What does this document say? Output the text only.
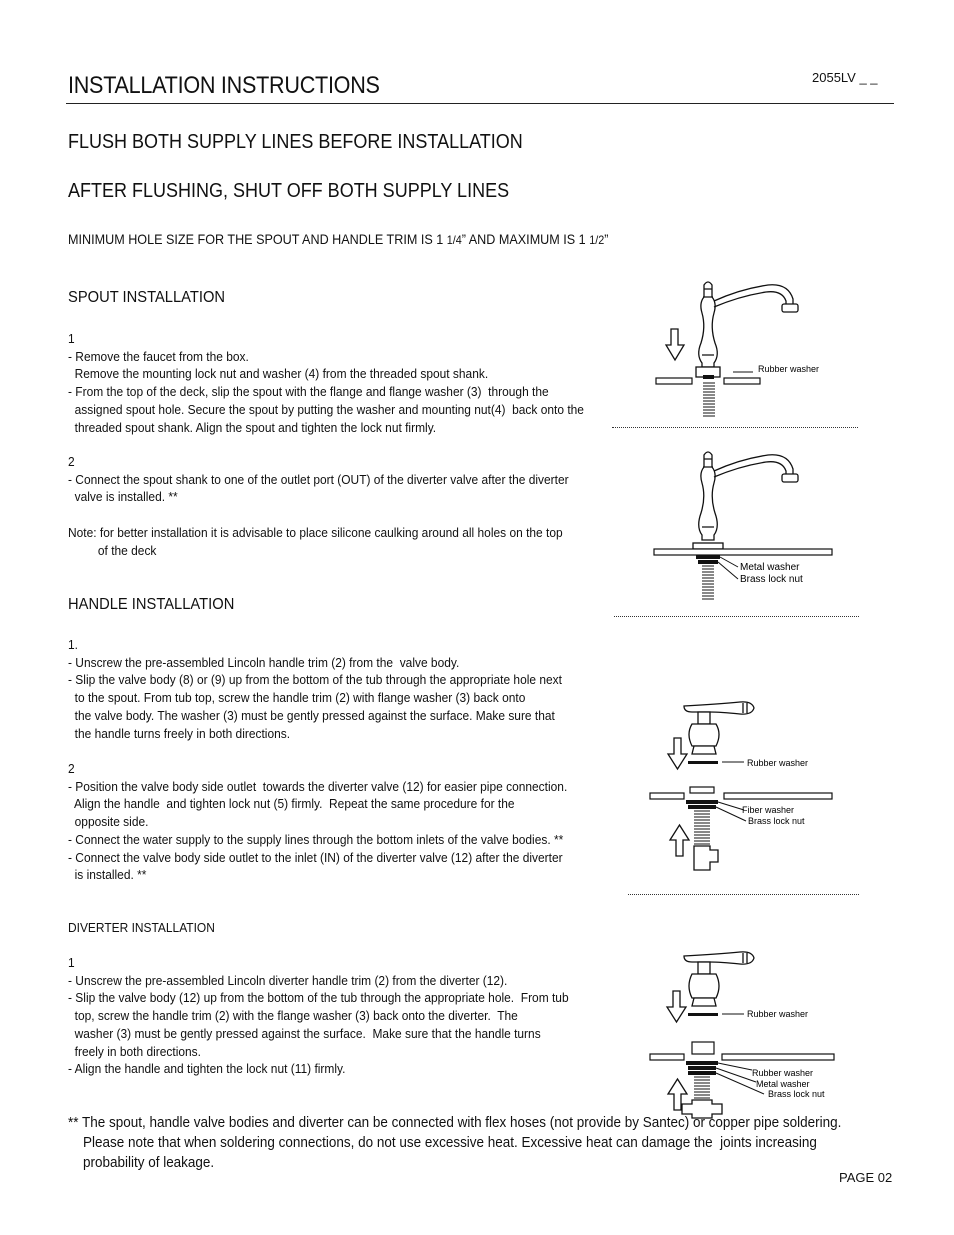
INSTALLATION INSTRUCTIONS	2055LV _ _
FLUSH BOTH SUPPLY LINES BEFORE INSTALLATION
AFTER FLUSHING, SHUT OFF BOTH SUPPLY LINES
MINIMUM HOLE SIZE FOR THE SPOUT AND HANDLE TRIM IS 1 1/4” AND MAXIMUM IS 1 1/2”
SPOUT INSTALLATION
1
- Remove the faucet from the box.
Remove the mounting lock nut and washer (4) from the threaded spout shank.
- From the top of the deck, slip the spout with the flange and flange washer (3)  through the
assigned spout hole. Secure the spout by putting the washer and mounting nut(4)  back onto the
threaded spout shank. Align the spout and tighten the lock nut firmly.
2
- Connect the spout shank to one of the outlet port (OUT) of the diverter valve after the diverter
valve is installed. **
Note: for better installation it is advisable to place silicone caulking around all holes on the top
of the deck
HANDLE INSTALLATION
1.
- Unscrew the pre-assembled Lincoln handle trim (2) from the  valve body.
- Slip the valve body (8) or (9) up from the bottom of the tub through the appropriate hole next
to the spout. From tub top, screw the handle trim (2) with flange washer (3) back onto
the valve body. The washer (3) must be gently pressed against the surface. Make sure that
the handle turns freely in both directions.
2
- Position the valve body side outlet  towards the diverter valve (12) for easier pipe connection.
Align the handle  and tighten lock nut (5) firmly.  Repeat the same procedure for the
opposite side.
- Connect the water supply to the supply lines through the bottom inlets of the valve bodies. **
- Connect the valve body side outlet to the inlet (IN) of the diverter valve (12) after the diverter
is installed. **
DIVERTER INSTALLATION
1
- Unscrew the pre-assembled Lincoln diverter handle trim (2) from the diverter (12).
- Slip the valve body (12) up from the bottom of the tub through the appropriate hole.  From tub
top, screw the handle trim (2) with the flange washer (3) back onto the diverter.  The
washer (3) must be gently pressed against the surface.  Make sure that the handle turns
freely in both directions.
- Align the handle and tighten the lock nut (11) firmly.
Rubber washer
Metal washer
Brass lock nut
Rubber washer
Fiber washer
Brass lock nut
Rubber washer
Rubber washer
Metal washer
Brass lock nut
** The spout, handle valve bodies and diverter can be connected with flex hoses (not provide by Santec) or copper pipe soldering.
Please note that when soldering connections, do not use excessive heat. Excessive heat can damage the  joints increasing
probability of leakage.
PAGE 02
